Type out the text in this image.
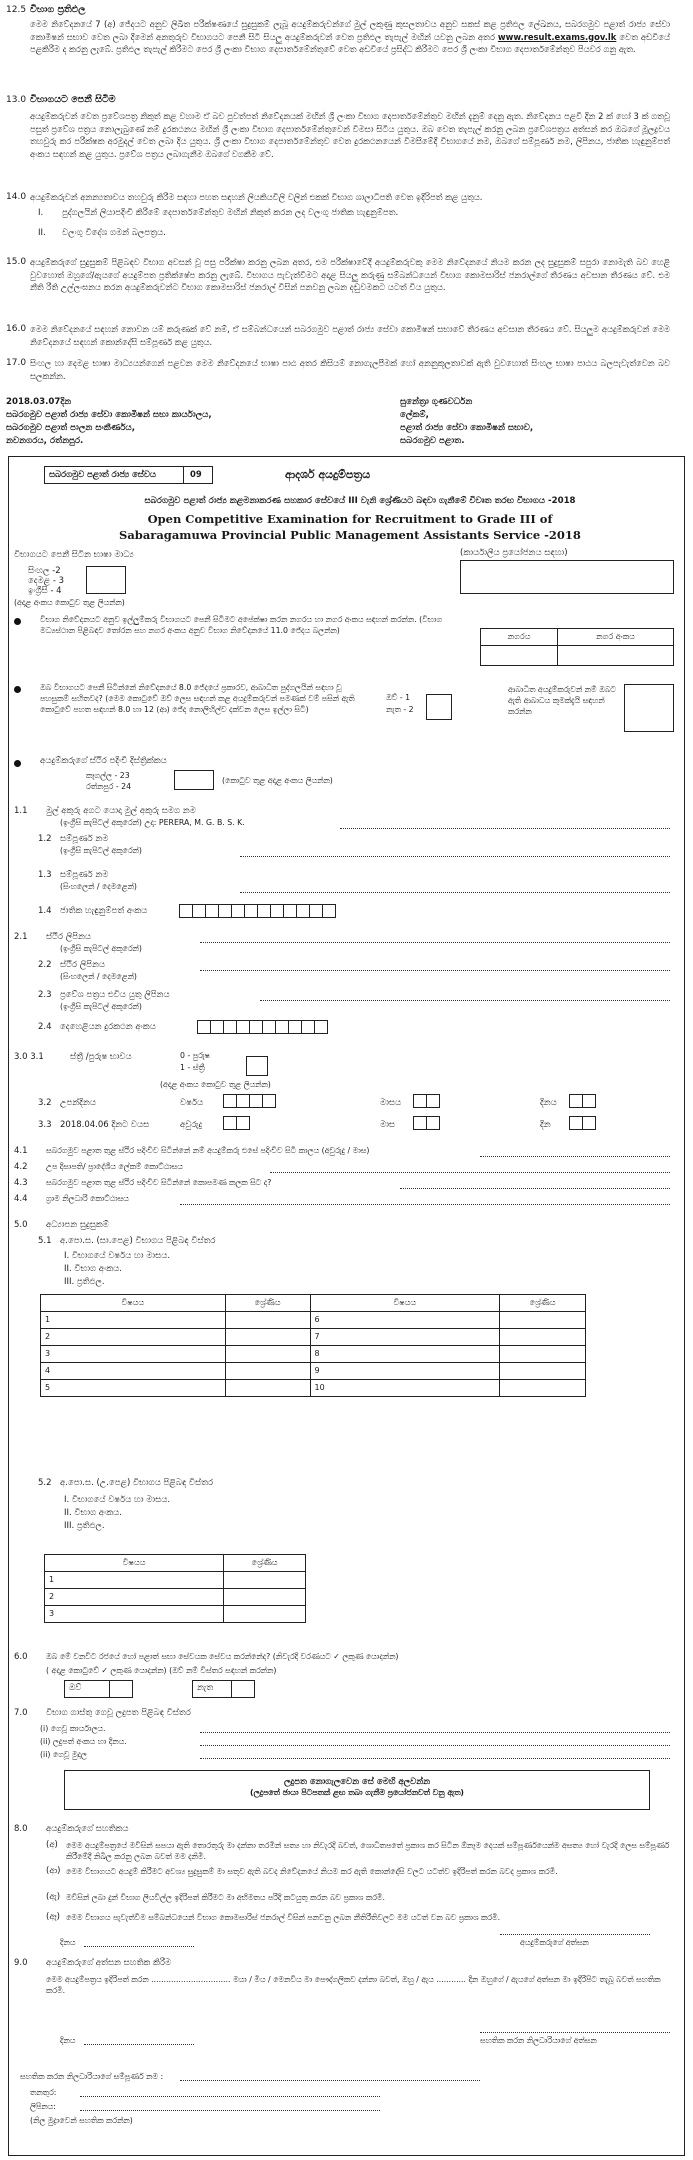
12.5 විභාග ප්‍රතිඵල
මෙම නිවේදනයේ 7 (අ) ජේදයට අනුව ලිඛිත පරීක්ෂණයේ සුදුසුකම් ලැබූ අයදුම්කරුවන්ගේ මුල් ලකුණු කුසලතාවය අනුව සකස් කළ ප්‍රතිඵල ලේඛනය, සබරගමුව පළාත් රාජ්‍ය සේවා කොමිෂන් සභාව වෙත ලබා දීමෙන් අනතුරුව විභාගයට පෙනී සිටි සියලු අයදුම්කරුවන් වෙත ප්‍රතිඵල තැපැල් මඟින් යවනු ලබන අතර www.result.exams.gov.lk වෙත අඩවියේ පළකිරීම ද කරනු ලැබේ. ප්‍රතිඵල තැපැල් කිරීමට පෙර ශ්‍රී ලංකා විභාග දෙපාර්තමේන්තුවේ වෙත අඩවියේ ප්‍රසිද්ධ කිරීමට පෙර ශ්‍රී ලංකා විභාග දෙපාර්තමේන්තුව පියවර ගනු ඇත.
13.0 විභාගයට පෙනී සිටීම
අයදුම්කරුවන් වෙත ප්‍රවේශපත්‍ර නිකුත් කළ වහාම ඒ බව පුවත්පත් නිවේදනයක් මඟින් ශ්‍රී ලංකා විභාග දෙපාර්තමේන්තුව මඟින් දැනුම් දෙනු ඇත. නිවේදනය පළවී දින 2 ක් හෝ 3 ක් ගතවූ පසුත් ප්‍රවේශ පත්‍රය නොලැබුණේ නම් දුරකථනය මඟින් ශ්‍රී ලංකා විභාග දෙපාර්තමේන්තුවෙන් විමසා සිටිය යුතුය. ඔබ වෙත තැපැල් කරනු ලබන ප්‍රවේශපත්‍රය අත්සන් කර ඔබගේ මූලද්‍රවය තහවුරු කර පරීක්ෂක අරමුදල් වෙත ලබා දිය යුතුය. ශ්‍රී ලංකා විභාග දෙපාර්තමේන්තුව වෙත දුරකථනයෙන් විමසීමේදී විභාගයේ නම, ඔබගේ සම්පූර්ණ නම, ලිපිනය, ජාතික හැඳුනුම්පත් අංකය සඳහන් කළ යුතුය. ප්‍රවේශ පත්‍රය ලබාගැනීම ඔබගේ වගකීම වේ.
14.0 අයදුම්කරුවන් අනන්‍යතාවය තහවුරු කිරීම සඳහා පහත සඳහන් ලියකියවිලි වලින් එකක් විභාග ශාලාධිපති වෙත ඉදිරිපත් කළ යුතුය.
I. පුද්ගලයින් ලියාපදිංචි කිරීමේ දෙපාර්තමේන්තුව මඟින් නිකුත් කරන ලද වලංගු ජාතික හැඳුනුම්පත.
II. වලංගු විදේශ ගමන් බලපත්‍රය.
15.0 අයදුම්කරුගේ සුදුසුකම් පිළිබඳව විභාග අවසන් වූ පසු පරීක්ෂා කරනු ලබන අතර, එම පරීක්ෂාවේදී අයදුම්කරුවකු මෙම නිවේදනයේ නියම කරන ලද සුදුසුකම් සපුරා නොමැති බව හෙළි වුවහොත් ඔහුගේ/ඇයගේ අයදුම්පත ප්‍රතික්ෂේප කරනු ලැබේ. විභාගය පැවැත්වීමට අදාළ සියලු කරුණු සම්බන්ධයෙන් විභාග කොමසාරිස් ජනරාල්ගේ තීරණය අවසාන තීරණය වේ. එම නීති රීති උල්ලංඝනය කරන අයදුම්කරුවන්ට විභාග කොමසාරිස් ජනරාල් විසින් පනවනු ලබන දඬුවමකට යටත් විය යුතුය.
16.0 මෙම නිවේදනයේ සඳහන් නොවන යම් කරුණක් වේ නම්, ඒ සම්බන්ධයෙන් සබරගමුව පළාත් රාජ්‍ය සේවා කොමිෂන් සභාවේ තීරණය අවසාන තීරණය වේ. සියලුම අයදුම්කරුවන් මෙම නිවේදනයේ සඳහන් කොන්දේසි සම්පූර්ණ කළ යුතුය.
17.0 සිංහල හා දෙමළ භාෂා මාධ්‍යයන්ගෙන් පළවන මෙම නිවේදනයේ භාෂා පාඨ අතර කිසියම් නොගැලපීමක් හෝ අනනුකූලතාවක් ඇති වුවහොත් සිංහල භාෂා පාඨය බලපැවැත්වෙන බව සලකන්න.
2018.03.07දින
සබරගමුව පළාත් රාජ්‍ය සේවා කොමිෂන් සභා කාර්යාලය,
සබරගමුව පළාත් පාලන සංකීර්ණය,
නවනගරය, රත්නපුර.
සුනේත්‍රා ගුණවර්ධන
ලේකම්,
පළාත් රාජ්‍ය සේවා කොමිෂන් සභාව,
සබරගමුව පළාත.
සබරගමුව පළාත් රාජ්‍ය සේවය	09	ආදර්ශ අයදුම්පත්‍රය
සබරගමුව පළාත් රාජ්‍ය කළමනාකරණ සහකාර සේවයේ III වැනි ශ්‍රේණියට බඳවා ගැනීමේ විවෘත තරඟ විභාගය -2018
Open Competitive Examination for Recruitment to Grade III of
Sabaragamuwa Provincial Public Management Assistants Service -2018
විභාගයට පෙනී සිටින භාෂා මාධ්‍ය	(කාර්යාලීය ප්‍රයෝජනය සඳහා)
සිංහල -2
දෙමළ - 3
ඉංග්‍රීසි - 4
(අදාළ අංකය කොටුව තුළ ලියන්න)
විභාග නිවේදනයට අනුව ඉල්ලුම්කරු විභාගයට පෙනී සිටීමට අපේක්ෂා කරන නගරය හා නගර අංකය සඳහන් කරන්න. (විභාග මධ්‍යස්ථාන පිළිබඳව තෝරන සහ නගර අංකය අනුව විභාග නිවේදනයේ 11.0 ජේදය බලන්න)
නගරය	නගර අංකය

ඔබ විභාගයට පෙනී සිටින්නේ නිවේදනයේ 8.0 ජේදයේ ප්‍රකාරව, ආබාධිත පුද්ගලයින් සඳහා වූ පහසුකම් සහිතවද? (මෙම කොටුවේ ඔව් ලෙස සඳහන් කළ අයදුම්කරුවන් පමණක් වම් පසින් ඇති කොටුවේ පහත සඳහන් 8.0 හා 12 (ආ) ජේද නොලිහිල්ව දක්වන ලෙස ඉල්ලා සිටී)
ඔව් - 1
නැත - 2
ආබාධිත අයදුම්කරුවන් නම් ඔබට ඇති ආබාධය කුමක්දැයි සඳහන් කරන්න
අයදුම්කරුගේ ස්ථිර පදිංචි දිස්ත්‍රික්කය
කෑගල්ල - 23
රත්නපුර - 24
(කොටුව තුළ අදාළ අංකය ලියන්න)
1.1 මුල් අකුරු අගට යොදා මුල් අකුරු සමග නම
(ඉංග්‍රීසි කැපිටල් අකුරෙන්) උදා: PERERA, M. G. B. S. K.
1.2 සම්පූර්ණ නම
(ඉංග්‍රීසි කැපිටල් අකුරෙන්)
1.3 සම්පූර්ණ නම
(සිංහලෙන් / දෙමළෙන්)
1.4 ජාතික හැඳුනුම්පත් අංකය
2.1 ස්ථිර ලිපිනය
(ඉංග්‍රීසි කැපිටල් අකුරෙන්)
2.2 ස්ථිර ලිපිනය
(සිංහලෙන් / දෙමළෙන්)
2.3 ප්‍රවේශ පත්‍රය එවිය යුතු ලිපිනය
(ඉංග්‍රීසි කැපිටල් අකුරෙන්)
2.4 දෙහෙළියන දුරකථන අංකය
3.0 3.1	ස්ත්‍රී /පුරුෂ භාවය	0 - පුරුෂ
1 - ස්ත්‍රී
(අදාළ අංකය කොටුව තුළ ලියන්න)
3.2 උපන්දිනය	වර්ෂය	මාසය	දිනය
3.3 2018.04.06 දිනට වයස	අවුරුදු	මාස	දින
4.1 සබරගමුව පළාත තුළ ස්ථිර පදිංචිව සිටින්නේ නම් අයදුම්කරු එසේ පදිංචිව සිටි කාලය (අවුරුදු / මාස)
4.2 උප දිසාපති/ ප්‍රාදේශීය ලේකම් කොට්ඨාසය
4.3 සබරගමුව පළාත තුළ ස්ථිර පදිංචිව සිටින්නේ කොපමණ කලක සිට ද?
4.4 ග්‍රාම නිලධාරි කොට්ඨාසය
5.0 අධ්‍යාපන සුදුසුකම්
5.1 අ.පො.ස. (සා.පෙළ) විභාගය පිළිබඳ විස්තර
I. විභාගයේ වර්ෂය හා මාසය.
II. විභාග අංකය.
III. ප්‍රතිඵල.
විෂයය	ශ්‍රේණිය	විෂයය	ශ්‍රේණිය
1		6	
2		7	
3		8	
4		9	
5		10	
5.2 අ.පො.ස. (උ.පෙළ) විභාගය පිළිබඳ විස්තර
I. විභාගයේ වර්ෂය හා මාසය.
II. විභාග අංකය.
III. ප්‍රතිඵල.
විෂයය	ශ්‍රේණිය
1	
2	
3	
6.0 ඔබ මේ වනවිට රජයේ හෝ පළාත් සභා සේවයක සේවය කරන්නේද? (නිවැරදි වරණයට ✓ ලකුණ යොදන්න)
( අදාළ කොටුවේ ✓ ලකුණ යොදන්න) (ඔව් නම් විස්තර සඳහන් කරන්න)
ඔව්	නැත
7.0 විභාග ගාස්තු ගෙවූ ලදුපත පිළිබඳ විස්තර
(i) ගෙවූ කාර්යාලය.
(ii) ලදුපත් අංකය හා දිනය.
(ii) ගෙවූ මුදල
ලදුපත නොගැලවෙන සේ මෙහි අලවන්න
(ලදුපතේ ඡායා පිටපතක් ළඟ තබා ගැනීම ප්‍රයෝජනවත් වනු ඇත)
8.0 අයදුම්කරුගේ සහතිකය
(අ) මෙම අයදුම්පත්‍රයේ මවිසින් සපයා ඇති තොරතුරු මා දන්නා තරමින් සත්‍ය හා නිවැරදි බවත්, ශොධිතපතේ ප්‍රකාශ කර සිටින ඕනෑම දෙයක් සම්පූර්ණයෙන්ම අසත්‍ය හෝ වැරදි ලෙස සම්පූර්ණ කිරීමේදී නිඛිල කරනු ලබන බවත් මම දනිමි.
(ආ) මෙම විභාගයට අයදුම් කිරීමට අවශ්‍ය සුදුසුකම් මා සතුව ඇති බවද නිවේදනයේ නියම කර ඇති කොන්දේසි වලට යටත්ව ඉදිරිපත් කරන බවද ප්‍රකාශ කරමි.
(ඇ) මවිසින් ලබා දුන් විභාග ලියවිල්ල ඉදිරිපත් කිරීමට මා අභිමතය පරිදි කටයුතු කරන බව ප්‍රකාශ කරමි.
(ඈ) මෙම විභාගය පැවැත්වීම සම්බන්ධයෙන් විභාග කොමසාරිස් ජනරාල් විසින් පනවනු ලබන නීතිරීතිවලට මම යටත් වන බව ප්‍රකාශ කරමි.
අයදුම්කරුගේ අත්සන
දිනය
9.0 අයදුම්කරුගේ අත්සන සහතික කිරීම
මෙම අයදුම්පත්‍රය ඉදිරිපත් කරන ................................ මයා / මිය / මෙනවිය මා පෞද්ගලිකව දන්නා බවත්, ඔහු / ඇය ............ දින ඔහුගේ / ඇයගේ අත්සන මා ඉදිරිපිට තැබූ බවත් සහතික කරමි.
දිනය	සහතික කරන නිලධාරියාගේ අත්සන
සහතික කරන නිලධාරියාගේ සම්පූර්ණ නම :
තනතුර:
ලිපිනය:
(නිල මුද්‍රාවෙන් සහතික කරන්න)
